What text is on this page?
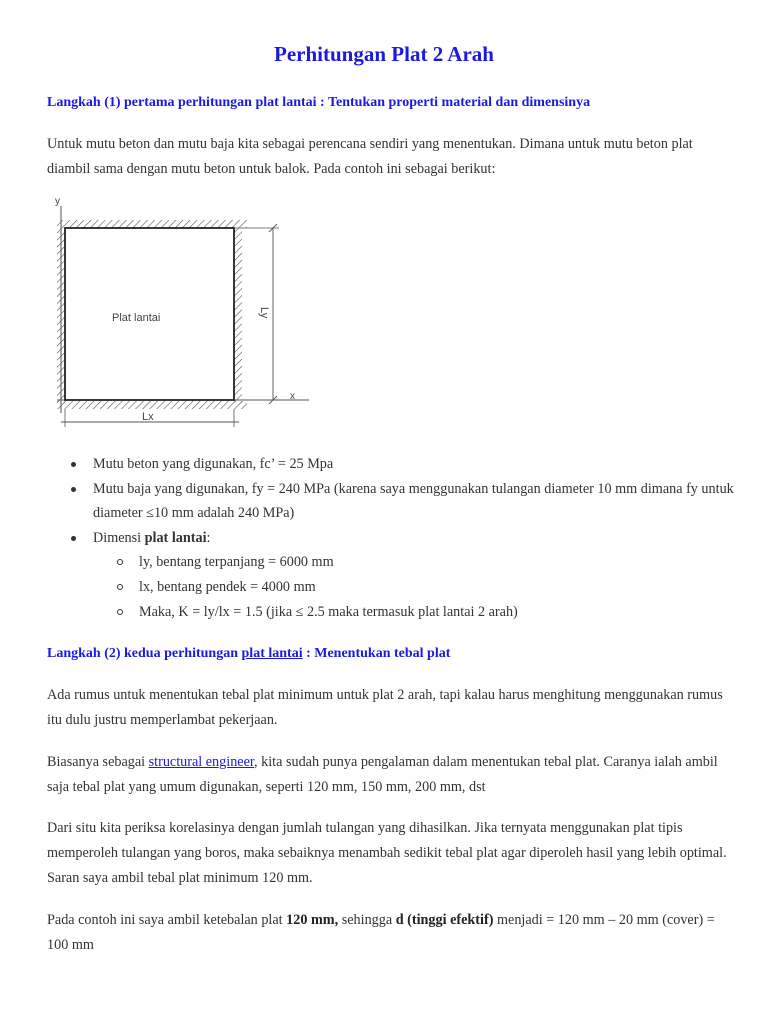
Perhitungan Plat 2 Arah

Langkah (1) pertama perhitungan plat lantai : Tentukan properti material dan dimensinya

Untuk mutu beton dan mutu baja kita sebagai perencana sendiri yang menentukan. Dimana untuk mutu beton plat diambil sama dengan mutu beton untuk balok. Pada contoh ini sebagai berikut:

y
x
Plat lantai	Ly
Lx
Mutu beton yang digunakan, fc’ = 25 Mpa
Mutu baja yang digunakan, fy = 240 MPa (karena saya menggunakan tulangan diameter 10 mm dimana fy untuk diameter ≤10 mm adalah 240 MPa)
Dimensi plat lantai:
ly, bentang terpanjang = 6000 mm
lx, bentang pendek = 4000 mm
Maka, K = ly/lx = 1.5 (jika ≤ 2.5 maka termasuk plat lantai 2 arah)

Langkah (2) kedua perhitungan plat lantai : Menentukan tebal plat

Ada rumus untuk menentukan tebal plat minimum untuk plat 2 arah, tapi kalau harus menghitung menggunakan rumus itu dulu justru memperlambat pekerjaan.

Biasanya sebagai structural engineer, kita sudah punya pengalaman dalam menentukan tebal plat. Caranya ialah ambil saja tebal plat yang umum digunakan, seperti 120 mm, 150 mm, 200 mm, dst

Dari situ kita periksa korelasinya dengan jumlah tulangan yang dihasilkan. Jika ternyata menggunakan plat tipis memperoleh tulangan yang boros, maka sebaiknya menambah sedikit tebal plat agar diperoleh hasil yang lebih optimal. Saran saya ambil tebal plat minimum 120 mm.

Pada contoh ini saya ambil ketebalan plat 120 mm, sehingga d (tinggi efektif) menjadi = 120 mm – 20 mm (cover) = 100 mm
